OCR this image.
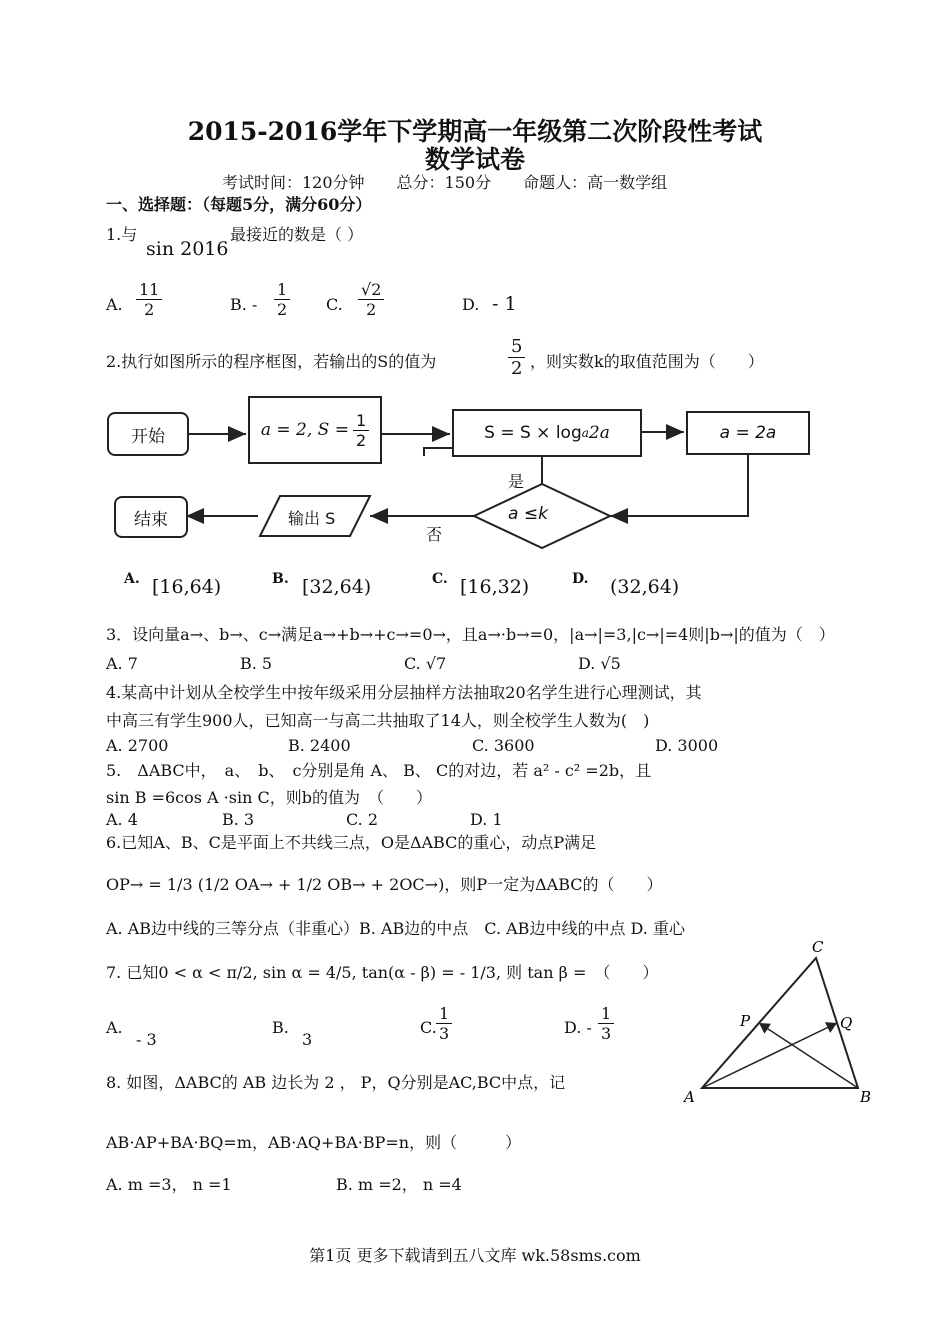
2015-2016学年下学期高一年级第二次阶段性考试
数学试卷
考试时间：120分钟　　总分：150分　　命题人：高一数学组
一、选择题：（每题5分，满分60分）
1.与
sin 2016
最接近的数是（ ）
A. $\frac{11}{2}$	B. - $\frac{1}{2} C$. $\frac{√2}{2}$	D. - 1
2.执行如图所示的程序框图，若输出的S的值为	$\frac{5}{2}$ ，则实数k的取值范围为（　　）
开始	a = 2, $S = \frac{1}{2}$	S = S × log a 2a	a = 2a
a ≤k
是
否
输出 S
结束
A. [16,64)	B. [32,64)	C. [16,32)	D. (32,64)
3．设向量a→、b→、c→满足a→+b→+c→=0→，且a→·b→=0，|a→|=3,|c→|=4则|b→|的值为（　）
A. 7	B. 5	C. √7	D. √5
4.某高中计划从全校学生中按年级采用分层抽样方法抽取20名学生进行心理测试，其
中高三有学生900人，已知高一与高二共抽取了14人，则全校学生人数为(　)
A. 2700	B. 2400	C. 3600	D. 3000
5.　ΔABC中，　a、　b、　c分别是角 A、 B、 C的对边，若 a² - c² =2b，且
sin B =6cos A ·sin C，则b的值为　（　　）
A. 4	B. 3	C. 2	D. 1
6.已知A、B、C是平面上不共线三点，O是ΔABC的重心，动点P满足
OP→ = 1/3 (1/2 OA→ + 1/2 OB→ + 2OC→)，则P一定为ΔABC的（　　）
A. AB边中线的三等分点（非重心）B. AB边的中点　C. AB边中线的中点 D. 重心
7. 已知0 < α < π/2, sin α = 4/5, tan(α - β) = - 1/3, 则 tan β =　（　　）
A.
- 3
B.
3
C. $\frac{1}{3}$	D. - $\frac{1}{3}$
C
P	Q
A	B
8. 如图，ΔABC的 AB 边长为 2 ， P，Q分别是AC,BC中点，记
AB·AP+BA·BQ=m，AB·AQ+BA·BP=n，则（　　　）
A. m =3， n =1	B. m =2， n =4
第1页 更多下载请到五八文库 wk.58sms.com
